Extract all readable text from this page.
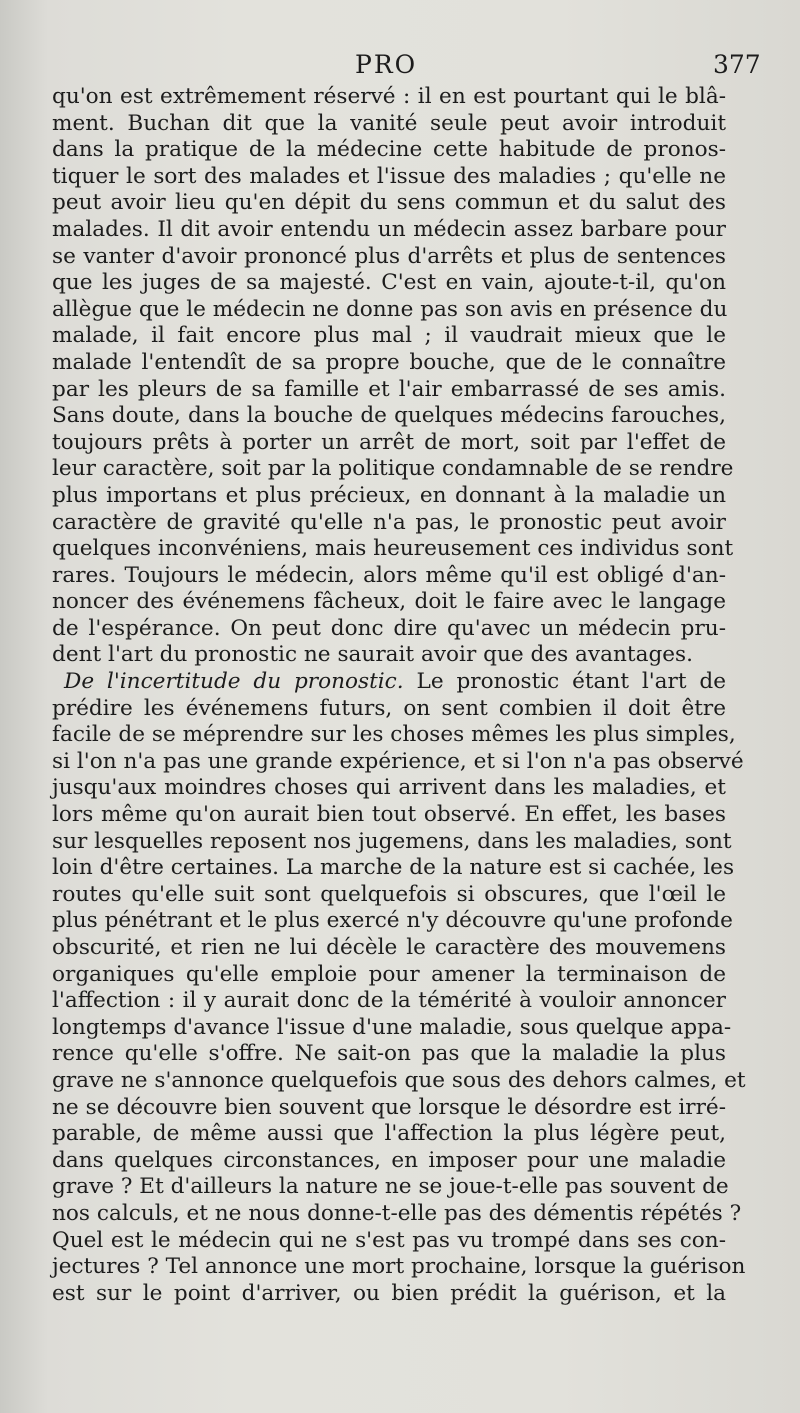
PRO	377
qu'on est extrêmement réservé : il en est pourtant qui le blâ-
ment. Buchan dit que la vanité seule peut avoir introduit
dans la pratique de la médecine cette habitude de pronos-
tiquer le sort des malades et l'issue des maladies ; qu'elle ne
peut avoir lieu qu'en dépit du sens commun et du salut des
malades. Il dit avoir entendu un médecin assez barbare pour
se vanter d'avoir prononcé plus d'arrêts et plus de sentences
que les juges de sa majesté. C'est en vain, ajoute-t-il, qu'on
allègue que le médecin ne donne pas son avis en présence du
malade, il fait encore plus mal ; il vaudrait mieux que le
malade l'entendît de sa propre bouche, que de le connaître
par les pleurs de sa famille et l'air embarrassé de ses amis.
Sans doute, dans la bouche de quelques médecins farouches,
toujours prêts à porter un arrêt de mort, soit par l'effet de
leur caractère, soit par la politique condamnable de se rendre
plus importans et plus précieux, en donnant à la maladie un
caractère de gravité qu'elle n'a pas, le pronostic peut avoir
quelques inconvéniens, mais heureusement ces individus sont
rares. Toujours le médecin, alors même qu'il est obligé d'an-
noncer des événemens fâcheux, doit le faire avec le langage
de l'espérance. On peut donc dire qu'avec un médecin pru-
dent l'art du pronostic ne saurait avoir que des avantages.
De l'incertitude du pronostic. Le pronostic étant l'art de
prédire les événemens futurs, on sent combien il doit être
facile de se méprendre sur les choses mêmes les plus simples,
si l'on n'a pas une grande expérience, et si l'on n'a pas observé
jusqu'aux moindres choses qui arrivent dans les maladies, et
lors même qu'on aurait bien tout observé. En effet, les bases
sur lesquelles reposent nos jugemens, dans les maladies, sont
loin d'être certaines. La marche de la nature est si cachée, les
routes qu'elle suit sont quelquefois si obscures, que l'œil le
plus pénétrant et le plus exercé n'y découvre qu'une profonde
obscurité, et rien ne lui décèle le caractère des mouvemens
organiques qu'elle emploie pour amener la terminaison de
l'affection : il y aurait donc de la témérité à vouloir annoncer
longtemps d'avance l'issue d'une maladie, sous quelque appa-
rence qu'elle s'offre. Ne sait-on pas que la maladie la plus
grave ne s'annonce quelquefois que sous des dehors calmes, et
ne se découvre bien souvent que lorsque le désordre est irré-
parable, de même aussi que l'affection la plus légère peut,
dans quelques circonstances, en imposer pour une maladie
grave ? Et d'ailleurs la nature ne se joue-t-elle pas souvent de
nos calculs, et ne nous donne-t-elle pas des démentis répétés ?
Quel est le médecin qui ne s'est pas vu trompé dans ses con-
jectures ? Tel annonce une mort prochaine, lorsque la guérison
est sur le point d'arriver, ou bien prédit la guérison, et la
